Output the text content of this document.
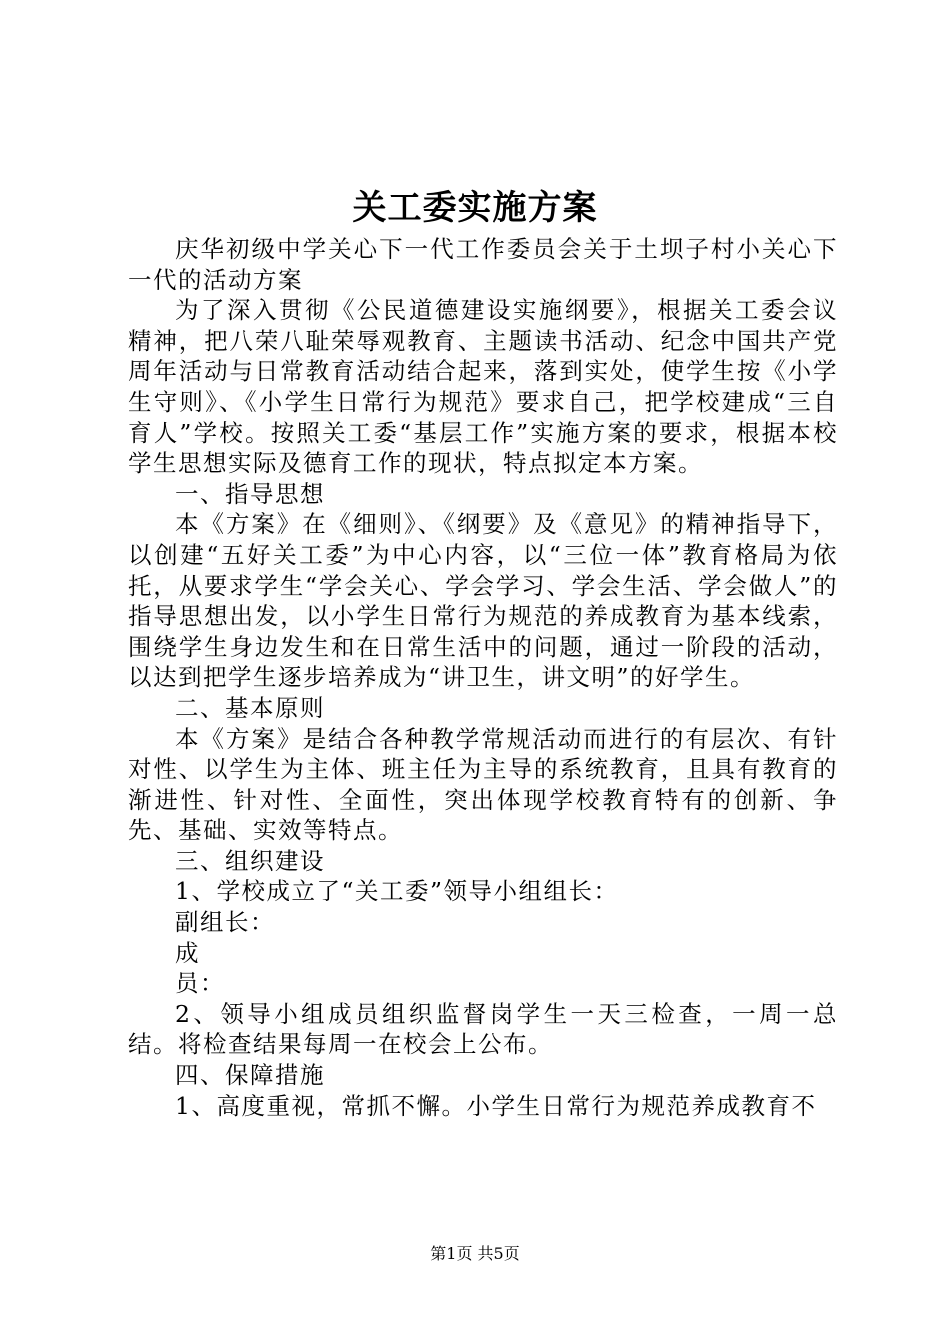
关工委实施方案

庆华初级中学关心下一代工作委员会关于土坝子村小关心下一代的活动方案

为了深入贯彻《公民道德建设实施纲要》，根据关工委会议精神，把八荣八耻荣辱观教育、主题读书活动、纪念中国共产党周年活动与日常教育活动结合起来，落到实处，使学生按《小学生守则》、《小学生日常行为规范》要求自己，把学校建成“三自育人”学校。按照关工委“基层工作”实施方案的要求，根据本校学生思想实际及德育工作的现状，特点拟定本方案。

一、指导思想

本《方案》在《细则》、《纲要》及《意见》的精神指导下，以创建“五好关工委”为中心内容，以“三位一体”教育格局为依托，从要求学生“学会关心、学会学习、学会生活、学会做人”的指导思想出发，以小学生日常行为规范的养成教育为基本线索，围绕学生身边发生和在日常生活中的问题，通过一阶段的活动，以达到把学生逐步培养成为“讲卫生，讲文明”的好学生。

二、基本原则

本《方案》是结合各种教学常规活动而进行的有层次、有针对性、以学生为主体、班主任为主导的系统教育，且具有教育的渐进性、针对性、全面性，突出体现学校教育特有的创新、争先、基础、实效等特点。

三、组织建设

1、学校成立了“关工委”领导小组组长：

副组长：

成

员：

2、领导小组成员组织监督岗学生一天三检查，一周一总结。将检查结果每周一在校会上公布。

四、保障措施

1、高度重视，常抓不懈。小学生日常行为规范养成教育不

第1页 共5页
